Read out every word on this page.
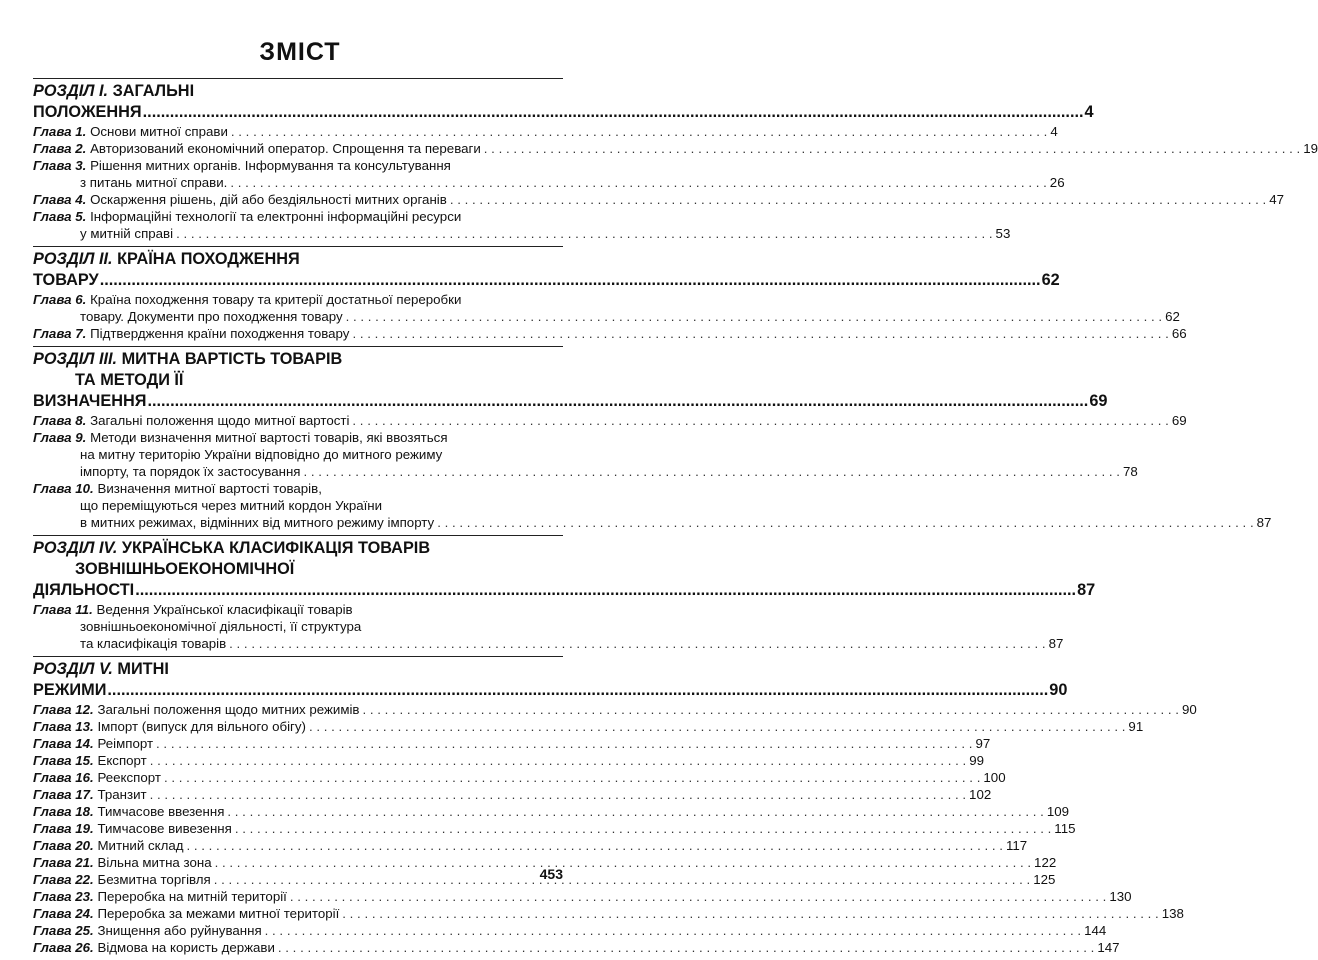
ЗМІСТ
РОЗДІЛ I. ЗАГАЛЬНІ ПОЛОЖЕННЯ .....	4
Глава 1. Основи митної справи . . .	4
Глава 2. Авторизований економічний оператор. Спрощення та переваги . . .	19
Глава 3. Рішення митних органів. Інформування та консультування
з питань митної справи. . . .	26
Глава 4. Оскарження рішень, дій або бездіяльності митних органів . . .	47
Глава 5. Інформаційні технології та електронні інформаційні ресурси
у митній справі . . .	53
РОЗДІЛ II. КРАЇНА ПОХОДЖЕННЯ ТОВАРУ .....	62
Глава 6. Країна походження товару та критерії достатньої переробки
товару. Документи про походження товару . . .	62
Глава 7. Підтвердження країни походження товару . . .	66
РОЗДІЛ III. МИТНА ВАРТІСТЬ ТОВАРІВ
ТА МЕТОДИ ЇЇ ВИЗНАЧЕННЯ .....	69
Глава 8. Загальні положення щодо митної вартості . . .	69
Глава 9. Методи визначення митної вартості товарів, які ввозяться
на митну територію України відповідно до митного режиму
імпорту, та порядок їх застосування . . .	78
Глава 10. Визначення митної вартості товарів,
що переміщуються через митний кордон України
в митних режимах, відмінних від митного режиму імпорту . . .	87
РОЗДІЛ IV. УКРАЇНСЬКА КЛАСИФІКАЦІЯ ТОВАРІВ
ЗОВНІШНЬОЕКОНОМІЧНОЇ ДІЯЛЬНОСТІ .....	87
Глава 11. Ведення Української класифікації товарів
зовнішньоекономічної діяльності, її структура
та класифікація товарів . . .	87
РОЗДІЛ V. МИТНІ РЕЖИМИ .....	90
Глава 12. Загальні положення щодо митних режимів . . .	90
Глава 13. Імпорт (випуск для вільного обігу) . . .	91
Глава 14. Реімпорт . . .	97
Глава 15. Експорт . . .	99
Глава 16. Реекспорт . . .	100
Глава 17. Транзит . . .	102
Глава 18. Тимчасове ввезення . . .	109
Глава 19. Тимчасове вивезення . . .	115
Глава 20. Митний склад . . .	117
Глава 21. Вільна митна зона . . .	122
Глава 22. Безмитна торгівля . . .	125
Глава 23. Переробка на митній території . . .	130
Глава 24. Переробка за межами митної території . . .	138
Глава 25. Знищення або руйнування . . .	144
Глава 26. Відмова на користь держави . . .	147
453
